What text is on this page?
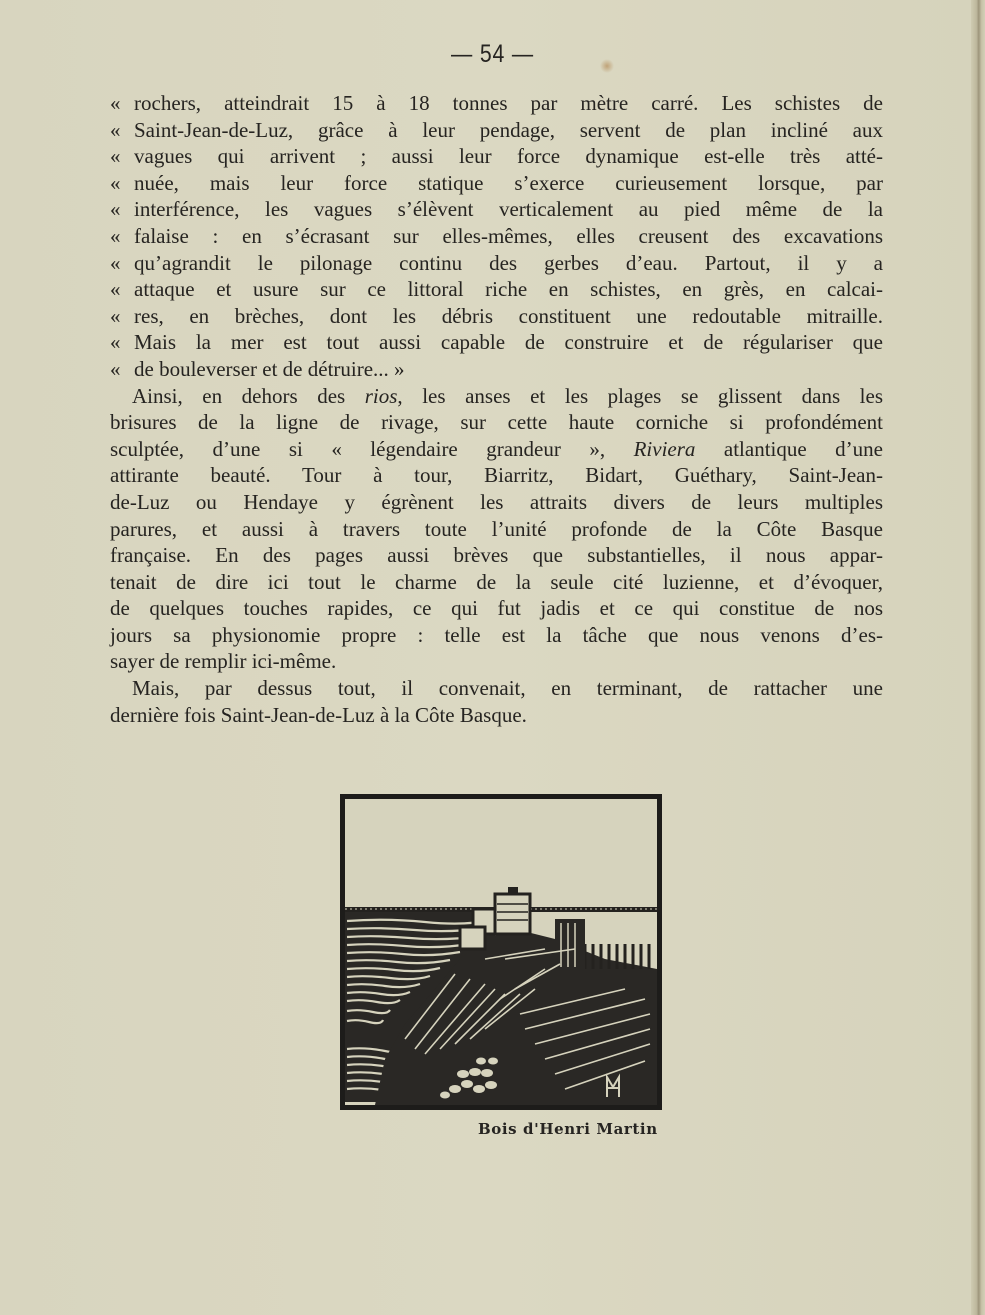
— 54 —
« rochers, atteindrait 15 à 18 tonnes par mètre carré. Les schistes de
« Saint-Jean-de-Luz, grâce à leur pendage, servent de plan incliné aux
« vagues qui arrivent ; aussi leur force dynamique est-elle très atté-
« nuée, mais leur force statique s’exerce curieusement lorsque, par
« interférence, les vagues s’élèvent verticalement au pied même de la
« falaise : en s’écrasant sur elles-mêmes, elles creusent des excavations
« qu’agrandit le pilonage continu des gerbes d’eau. Partout, il y a
« attaque et usure sur ce littoral riche en schistes, en grès, en calcai-
« res, en brèches, dont les débris constituent une redoutable mitraille.
« Mais la mer est tout aussi capable de construire et de régulariser que
« de bouleverser et de détruire... »
Ainsi, en dehors des rios, les anses et les plages se glissent dans les
brisures de la ligne de rivage, sur cette haute corniche si profondément
sculptée, d’une si « légendaire grandeur », Riviera atlantique d’une
attirante beauté. Tour à tour, Biarritz, Bidart, Guéthary, Saint-Jean-
de-Luz ou Hendaye y égrènent les attraits divers de leurs multiples
parures, et aussi à travers toute l’unité profonde de la Côte Basque
française. En des pages aussi brèves que substantielles, il nous appar-
tenait de dire ici tout le charme de la seule cité luzienne, et d’évoquer,
de quelques touches rapides, ce qui fut jadis et ce qui constitue de nos
jours sa physionomie propre : telle est la tâche que nous venons d’es-
sayer de remplir ici-même.
Mais, par dessus tout, il convenait, en terminant, de rattacher une
dernière fois Saint-Jean-de-Luz à la Côte Basque.
Bois d'Henri Martin
